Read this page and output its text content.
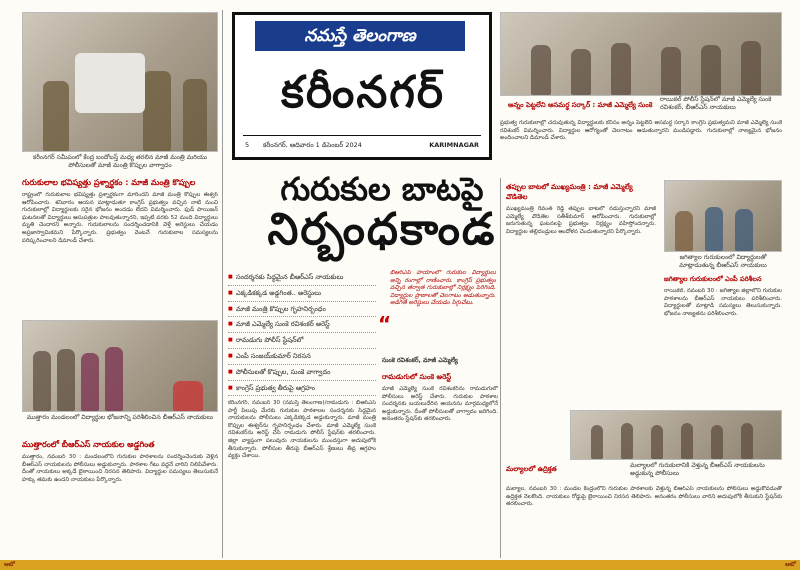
కరీంనగర్ సమీపంలో కేంద్ర బందోబస్త్ మధ్య తరలిన మాజీ మంత్రి మరియు పోలీసులతో మాజీ మంత్రి కొప్పుల వాగ్వాదం
గురుకులాల భవిష్యత్తు ప్రశ్నార్థకం : మాజీ మంత్రి కొప్పుల
రాష్ట్రంలో గురుకులాల భవిష్యత్తు ప్రశ్నార్థకంగా మారిందని మాజీ మంత్రి కొప్పుల ఈశ్వర్ ఆరోపించారు. శనివారం ఆయన మాట్లాడుతూ కాంగ్రెస్ ప్రభుత్వం వచ్చిన నాటి నుంచి గురుకులాల్లో విద్యార్థులకు సరైన భోజనం అందడం లేదని విమర్శించారు. ఫుడ్ పాయిజన్ ఘటనలతో విద్యార్థులు ఆసుపత్రుల పాలవుతున్నారని, ఇప్పటి వరకు 52 మంది విద్యార్థులు మృతి చెందారని అన్నారు. గురుకులాలను సందర్శించడానికి వెళ్తే అరెస్టులు చేయడం అప్రజాస్వామికమని పేర్కొన్నారు. ప్రభుత్వం వెంటనే గురుకులాల సమస్యలను పరిష్కరించాలని డిమాండ్ చేశారు.
ముత్తారం మండలంలో విద్యార్థుల భోజనాన్ని పరిశీలించిన బీఆర్ఎస్ నాయకులు
ముత్తారంలో బీఆర్ఎస్ నాయకుల అడ్డగింత
ముత్తారం, నవంబర్ 30 : మండలంలోని గురుకుల పాఠశాలను సందర్శించేందుకు వెళ్లిన బీఆర్ఎస్ నాయకులను పోలీసులు అడ్డుకున్నారు. పాఠశాల గేటు వద్దనే వారిని నిలిపివేశారు. దీంతో నాయకులు అక్కడే బైఠాయించి నిరసన తెలిపారు. విద్యార్థుల సమస్యలు తెలుసుకునే హక్కు తమకు ఉందని నాయకులు పేర్కొన్నారు.
నమస్తే తెలంగాణ
కరీంనగర్
5 కరీంనగర్, ఆదివారం 1 డిసెంబర్ 2024	KARIMNAGAR
రాయికల్ పోలీస్ స్టేషన్‌లో మాజీ ఎమ్మెల్యే సుంకె రవిశంకర్, బీఆర్ఎస్ నాయకులు
అన్నం పెట్టలేని అసమర్థ సర్కార్ : మాజీ ఎమ్మెల్యే సుంకె
ప్రభుత్వ గురుకులాల్లో చదువుతున్న విద్యార్థులకు కనీసం అన్నం పెట్టలేని అసమర్థ సర్కార్ కాంగ్రెస్ ప్రభుత్వమని మాజీ ఎమ్మెల్యే సుంకె రవిశంకర్ విమర్శించారు. విద్యార్థుల ఆరోగ్యంతో చెలగాటం ఆడుతున్నారని మండిపడ్డారు. గురుకులాల్లో నాణ్యమైన భోజనం అందించాలని డిమాండ్ చేశారు.
గురుకుల బాటపై
నిర్బంధకాండ
■ సందర్శనకు సిద్ధమైన బీఆర్ఎస్ నాయకులు
■ ఎక్కడికక్కడ అడ్డగింత.. అరెస్టులు
■ మాజీ మంత్రి కొప్పుల గృహనిర్బంధం
■ మాజీ ఎమ్మెల్యే సుంకె రవిశంకర్ అరెస్ట్
■ రామడుగు పోలీస్ స్టేషన్‌లో
■ ఎంపీ సంజయ్‌కుమార్ నిరసన
■ పోలీసులతో కొప్పుల, సుంకె వాగ్వాదం
■ కాంగ్రెస్ ప్రభుత్వ తీరుపై ఆగ్రహం
“
బీఆర్ఎస్ హయాంలో గురుకుల విద్యార్థులు అన్ని రంగాల్లో రాణించారు. కాంగ్రెస్ ప్రభుత్వం వచ్చిన తర్వాత గురుకులాల్లో నిర్లక్ష్యం పెరిగింది. విద్యార్థుల ప్రాణాలతో చెలగాటం ఆడుతున్నారు. అడిగితే అరెస్టులు చేయడం సిగ్గుచేటు.
సుంకె రవిశంకర్, మాజీ ఎమ్మెల్యే
కరీంనగర్, నవంబర్ 30 (నమస్తే తెలంగాణ)/రామడుగు : బీఆర్ఎస్ పార్టీ పిలుపు మేరకు గురుకుల పాఠశాలల సందర్శనకు సిద్ధమైన నాయకులను పోలీసులు ఎక్కడికక్కడ అడ్డుకున్నారు. మాజీ మంత్రి కొప్పుల ఈశ్వర్‌ను గృహనిర్బంధం చేశారు. మాజీ ఎమ్మెల్యే సుంకె రవిశంకర్‌ను అరెస్ట్ చేసి రామడుగు పోలీస్ స్టేషన్‌కు తరలించారు. జిల్లా వ్యాప్తంగా పలువురు నాయకులను ముందస్తుగా అదుపులోకి తీసుకున్నారు. పోలీసుల తీరుపై బీఆర్ఎస్ శ్రేణులు తీవ్ర ఆగ్రహం వ్యక్తం చేశాయి.
రామడుగులో సుంకె అరెస్ట్
మాజీ ఎమ్మెల్యే సుంకె రవిశంకర్‌ను రామడుగులో పోలీసులు అరెస్ట్ చేశారు. గురుకుల పాఠశాల సందర్శనకు బయలుదేరిన ఆయనను మార్గమధ్యలోనే అడ్డుకున్నారు. దీంతో పోలీసులతో వాగ్వాదం జరిగింది. అనంతరం స్టేషన్‌కు తరలించారు.
తప్పుల బాటలో ముఖ్యమంత్రి : మాజీ ఎమ్మెల్యే వొడితెల
ముఖ్యమంత్రి రేవంత్ రెడ్డి తప్పుల బాటలో నడుస్తున్నారని మాజీ ఎమ్మెల్యే వొడితెల సతీశ్‌కుమార్ ఆరోపించారు. గురుకులాల్లో జరుగుతున్న ఘటనలపై ప్రభుత్వం నిర్లక్ష్యం వహిస్తోందన్నారు. విద్యార్థుల తల్లిదండ్రులు ఆందోళన చెందుతున్నారని పేర్కొన్నారు.
జగిత్యాల గురుకులంలో విద్యార్థులతో మాట్లాడుతున్న బీఆర్ఎస్ నాయకులు
జగిత్యాల గురుకులంలో ఎంపీ పరిశీలన
రాయికల్, నవంబర్ 30 : జగిత్యాల జిల్లాలోని గురుకుల పాఠశాలను బీఆర్ఎస్ నాయకులు పరిశీలించారు. విద్యార్థులతో మాట్లాడి సమస్యలు తెలుసుకున్నారు. భోజనం నాణ్యతను పరిశీలించారు.
మల్యాలలో గురుకులానికి వెళ్తున్న బీఆర్ఎస్ నాయకులను అడ్డుకున్న పోలీసులు
మల్యాలలో ఉద్రిక్తత
మల్యాల, నవంబర్ 30 : మండల కేంద్రంలోని గురుకుల పాఠశాలకు వెళ్తున్న బీఆర్ఎస్ నాయకులను పోలీసులు అడ్డుకోవడంతో ఉద్రిక్తత నెలకొంది. నాయకులు రోడ్డుపై బైఠాయించి నిరసన తెలిపారు. అనంతరం పోలీసులు వారిని అదుపులోకి తీసుకుని స్టేషన్‌కు తరలించారు.
ఆటో	ఆటో
